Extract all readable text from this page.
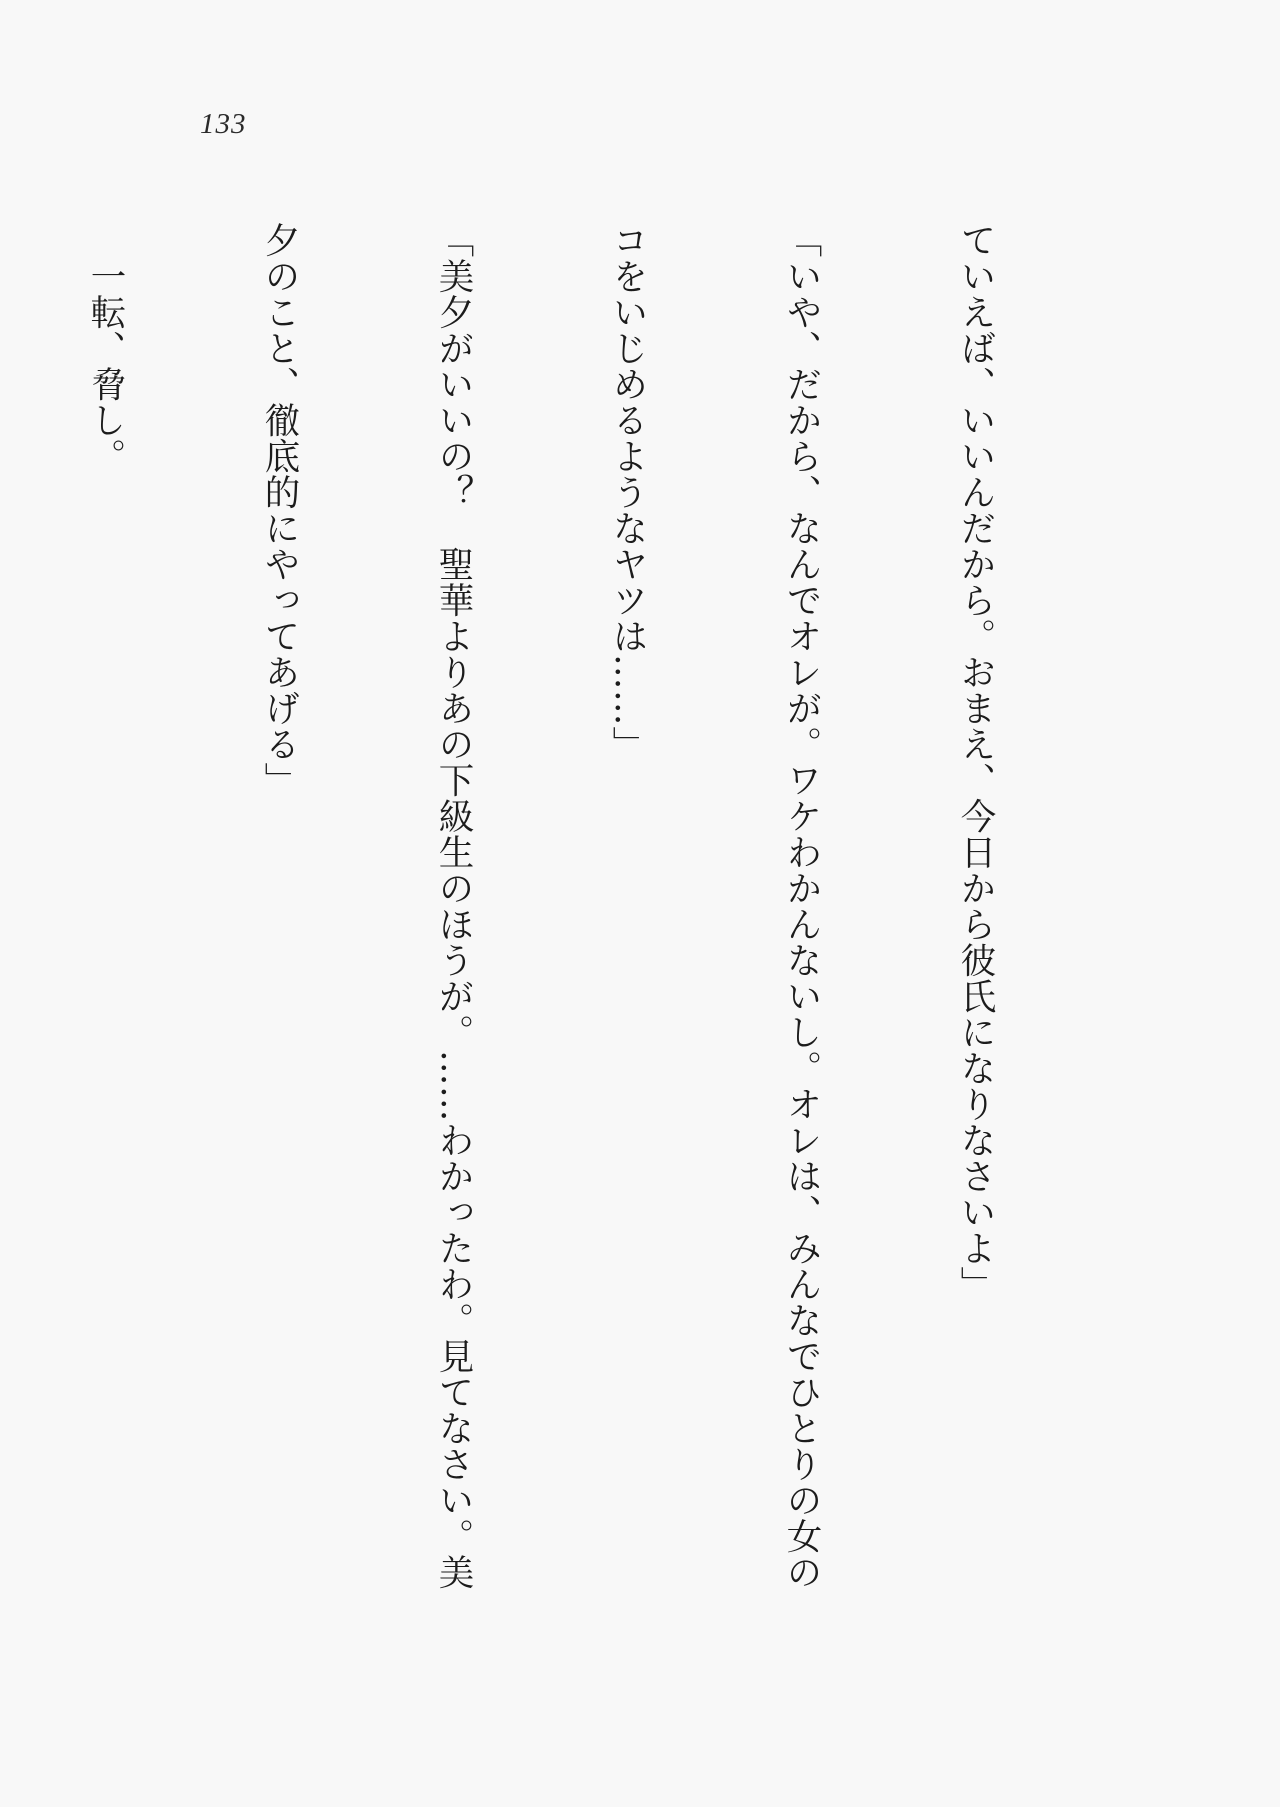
133

ていえば、いいんだから。おまえ、今日から彼氏になりなさいよ」

「いや、だから、なんでオレが。ワケわかんないし。オレは、みんなでひとりの女の

コをいじめるようなヤツは……」

「美夕がいいの？　聖華よりあの下級生のほうが。……わかったわ。見てなさい。美

夕のこと、徹底的にやってあげる」

　一転、脅し。
